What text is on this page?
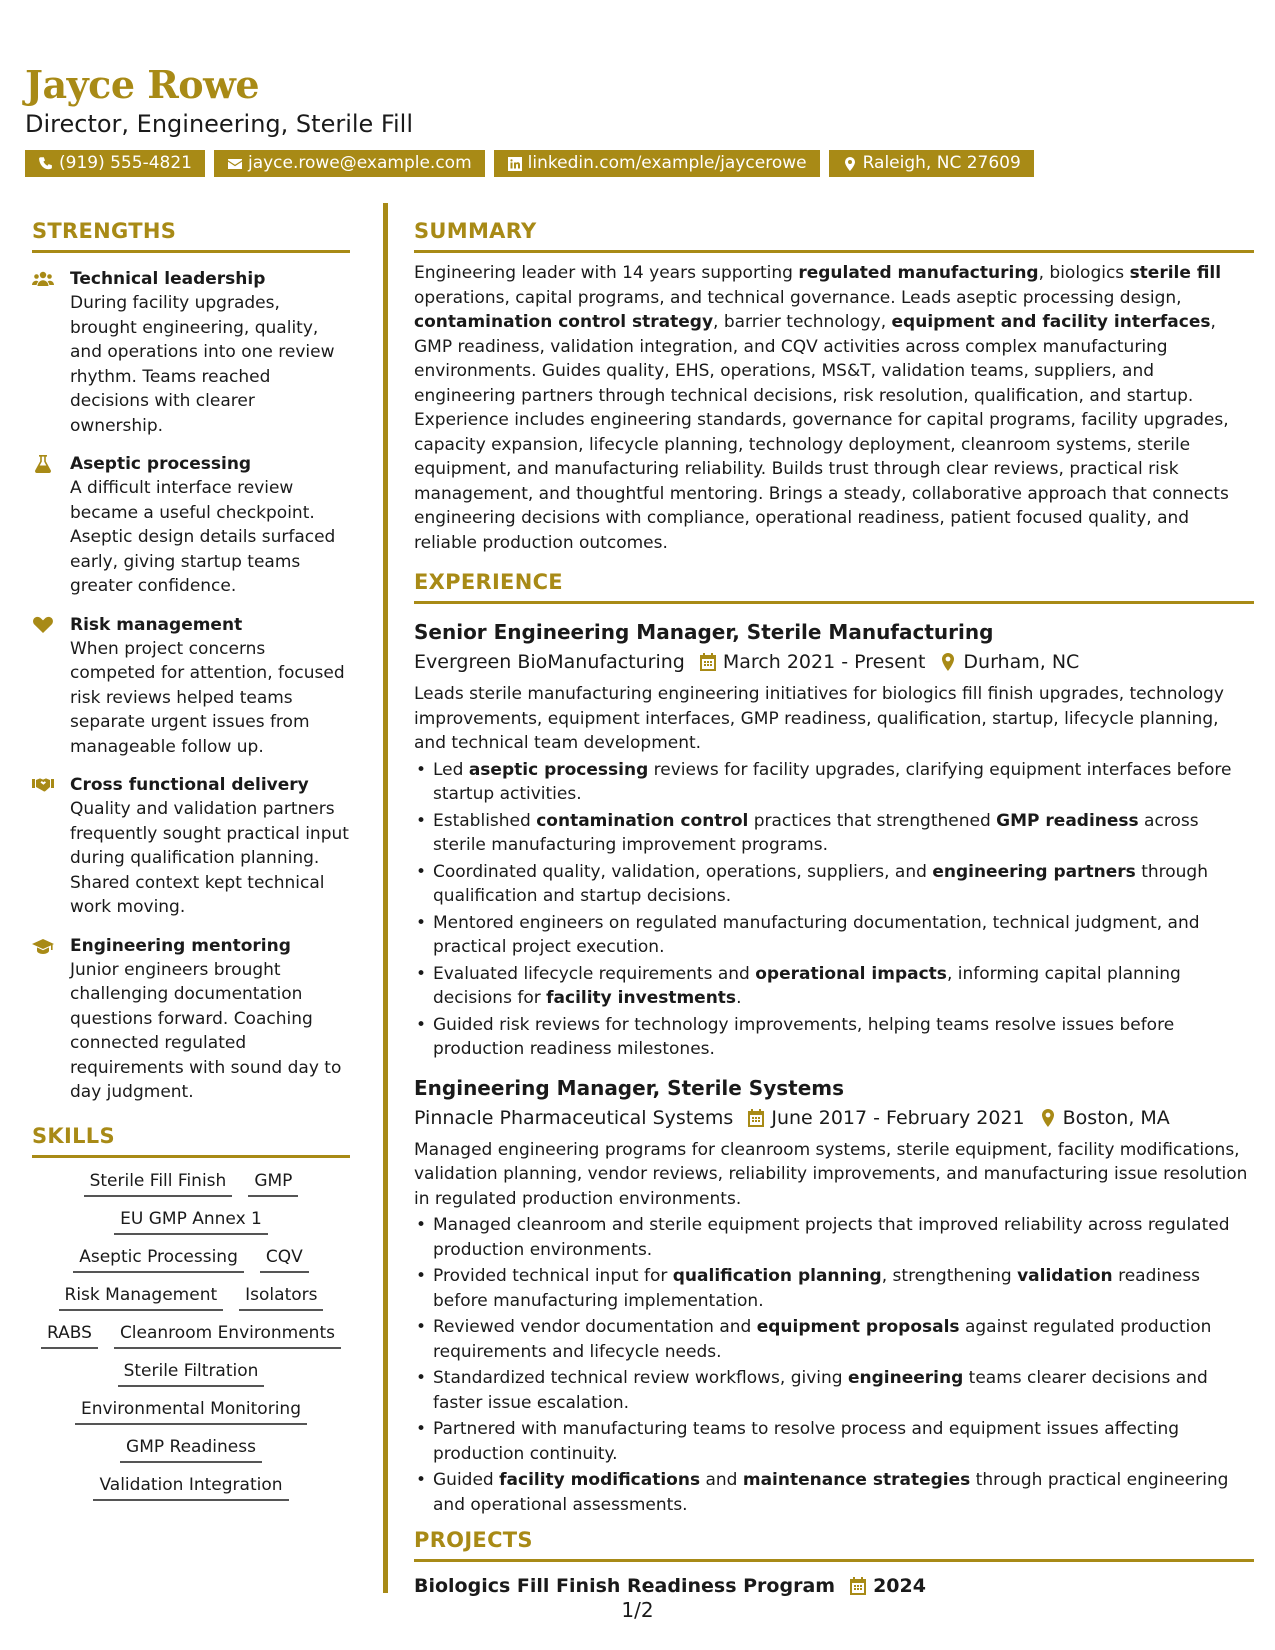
Jayce Rowe
Director, Engineering, Sterile Fill
(919) 555-4821	jayce.rowe@example.com	linkedin.com/example/jaycerowe	Raleigh, NC 27609
STRENGTHS
Technical leadership
During facility upgrades, brought engineering, quality, and operations into one review rhythm. Teams reached decisions with clearer ownership.
Aseptic processing
A difficult interface review became a useful checkpoint. Aseptic design details surfaced early, giving startup teams greater confidence.
Risk management
When project concerns competed for attention, focused risk reviews helped teams separate urgent issues from manageable follow up.
Cross functional delivery
Quality and validation partners frequently sought practical input during qualification planning. Shared context kept technical work moving.
Engineering mentoring
Junior engineers brought challenging documentation questions forward. Coaching connected regulated requirements with sound day to day judgment.
SKILLS
Sterile Fill Finish	GMP
EU GMP Annex 1
Aseptic Processing	CQV
Risk Management	Isolators
RABS	Cleanroom Environments
Sterile Filtration
Environmental Monitoring
GMP Readiness
Validation Integration
SUMMARY

Engineering leader with 14 years supporting regulated manufacturing, biologics sterile fill operations, capital programs, and technical governance. Leads aseptic processing design, contamination control strategy, barrier technology, equipment and facility interfaces, GMP readiness, validation integration, and CQV activities across complex manufacturing environments. Guides quality, EHS, operations, MS&T, validation teams, suppliers, and engineering partners through technical decisions, risk resolution, qualification, and startup. Experience includes engineering standards, governance for capital programs, facility upgrades, capacity expansion, lifecycle planning, technology deployment, cleanroom systems, sterile equipment, and manufacturing reliability. Builds trust through clear reviews, practical risk management, and thoughtful mentoring. Brings a steady, collaborative approach that connects engineering decisions with compliance, operational readiness, patient focused quality, and reliable production outcomes.

EXPERIENCE
Senior Engineering Manager, Sterile Manufacturing
Evergreen BioManufacturing March 2021 - Present Durham, NC
Leads sterile manufacturing engineering initiatives for biologics fill finish upgrades, technology improvements, equipment interfaces, GMP readiness, qualification, startup, lifecycle planning, and technical team development.
• Led aseptic processing reviews for facility upgrades, clarifying equipment interfaces before startup activities.
• Established contamination control practices that strengthened GMP readiness across sterile manufacturing improvement programs.
• Coordinated quality, validation, operations, suppliers, and engineering partners through qualification and startup decisions.
• Mentored engineers on regulated manufacturing documentation, technical judgment, and practical project execution.
• Evaluated lifecycle requirements and operational impacts, informing capital planning decisions for facility investments.
• Guided risk reviews for technology improvements, helping teams resolve issues before production readiness milestones.
Engineering Manager, Sterile Systems
Pinnacle Pharmaceutical Systems June 2017 - February 2021 Boston, MA
Managed engineering programs for cleanroom systems, sterile equipment, facility modifications, validation planning, vendor reviews, reliability improvements, and manufacturing issue resolution in regulated production environments.
• Managed cleanroom and sterile equipment projects that improved reliability across regulated production environments.
• Provided technical input for qualification planning, strengthening validation readiness before manufacturing implementation.
• Reviewed vendor documentation and equipment proposals against regulated production requirements and lifecycle needs.
• Standardized technical review workflows, giving engineering teams clearer decisions and faster issue escalation.
• Partnered with manufacturing teams to resolve process and equipment issues affecting production continuity.
• Guided facility modifications and maintenance strategies through practical engineering and operational assessments.
PROJECTS
Biologics Fill Finish Readiness Program 2024
1/2
